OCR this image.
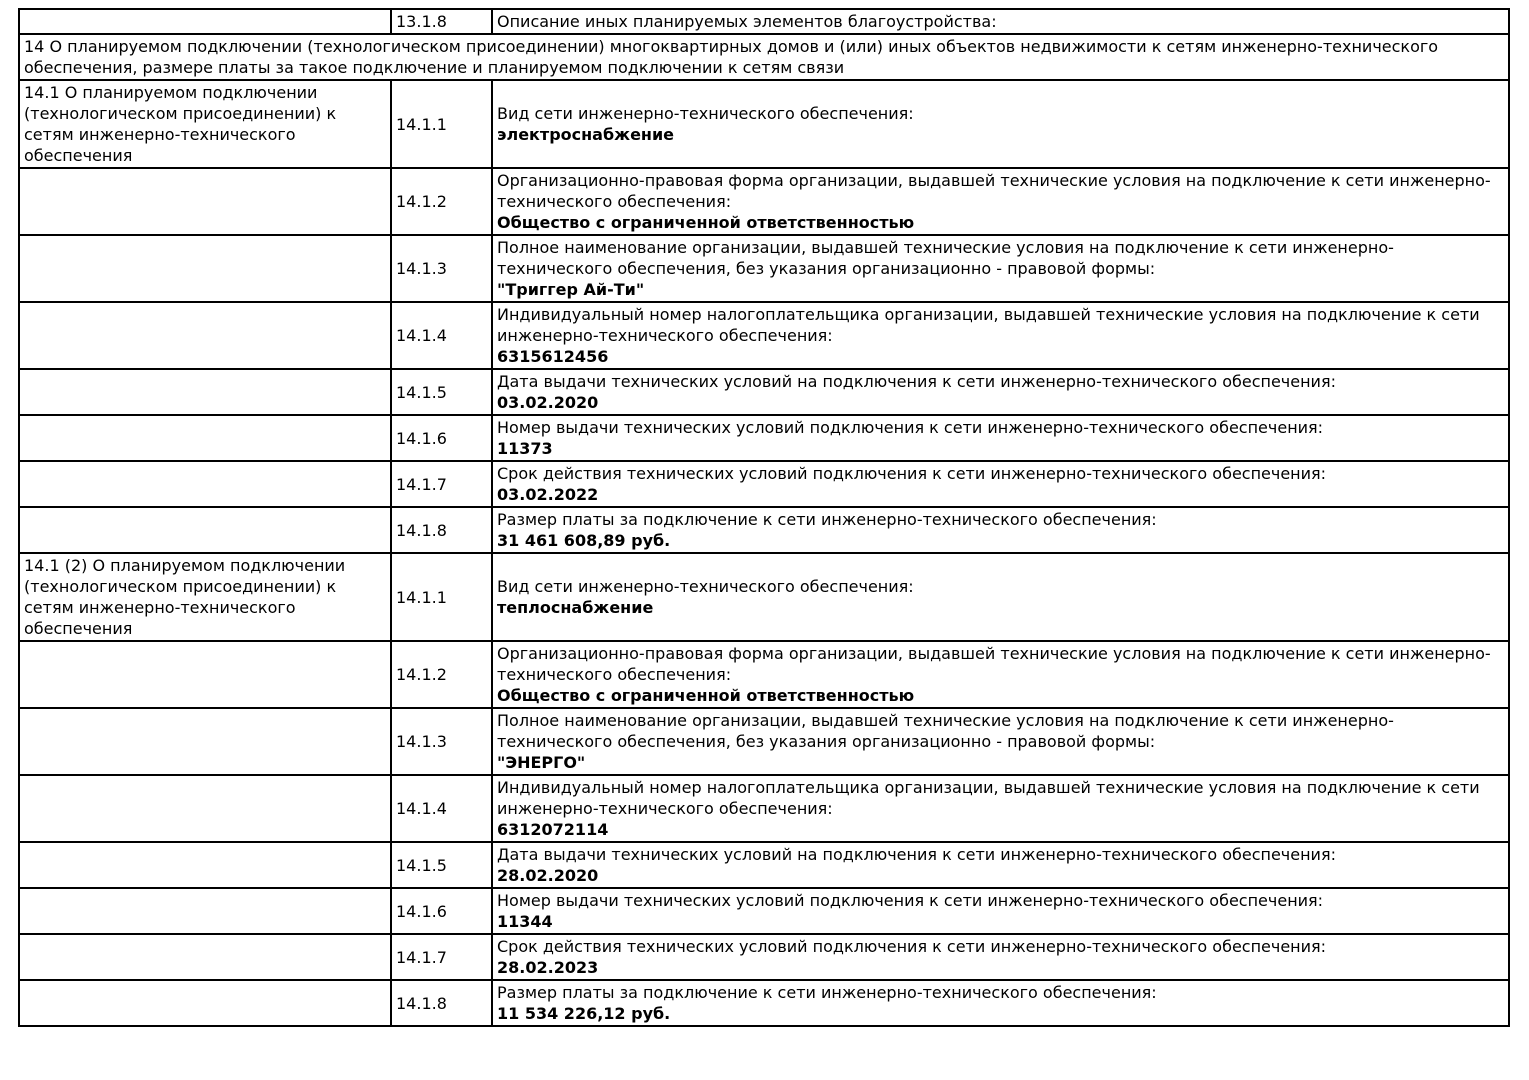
	13.1.8	Описание иных планируемых элементов благоустройства:
14 О планируемом подключении (технологическом присоединении) многоквартирных домов и (или) иных объектов недвижимости к сетям инженерно-технического обеспечения, размере платы за такое подключение и планируемом подключении к сетям связи		
14.1 О планируемом подключении (технологическом присоединении) к сетям инженерно-технического обеспечения	14.1.1	Вид сети инженерно-технического обеспечения:
электроснабжение

	14.1.2	Организационно-правовая форма организации, выдавшей технические условия на подключение к сети инженерно-технического обеспечения:
Общество с ограниченной ответственностью

	14.1.3	Полное наименование организации, выдавшей технические условия на подключение к сети инженерно-технического обеспечения, без указания организационно - правовой формы:
"Триггер Ай-Ти"

	14.1.4	Индивидуальный номер налогоплательщика организации, выдавшей технические условия на подключение к сети инженерно-технического обеспечения:
6315612456

	14.1.5	Дата выдачи технических условий на подключения к сети инженерно-технического обеспечения:
03.02.2020

	14.1.6	Номер выдачи технических условий подключения к сети инженерно-технического обеспечения:
11373

	14.1.7	Срок действия технических условий подключения к сети инженерно-технического обеспечения:
03.02.2022

	14.1.8	Размер платы за подключение к сети инженерно-технического обеспечения:
31 461 608,89 руб.

14.1 (2) О планируемом подключении (технологическом присоединении) к сетям инженерно-технического обеспечения	14.1.1	Вид сети инженерно-технического обеспечения:
теплоснабжение

	14.1.2	Организационно-правовая форма организации, выдавшей технические условия на подключение к сети инженерно-технического обеспечения:
Общество с ограниченной ответственностью

	14.1.3	Полное наименование организации, выдавшей технические условия на подключение к сети инженерно-технического обеспечения, без указания организационно - правовой формы:
"ЭНЕРГО"

	14.1.4	Индивидуальный номер налогоплательщика организации, выдавшей технические условия на подключение к сети инженерно-технического обеспечения:
6312072114

	14.1.5	Дата выдачи технических условий на подключения к сети инженерно-технического обеспечения:
28.02.2020

	14.1.6	Номер выдачи технических условий подключения к сети инженерно-технического обеспечения:
11344

	14.1.7	Срок действия технических условий подключения к сети инженерно-технического обеспечения:
28.02.2023

	14.1.8	Размер платы за подключение к сети инженерно-технического обеспечения:
11 534 226,12 руб.
